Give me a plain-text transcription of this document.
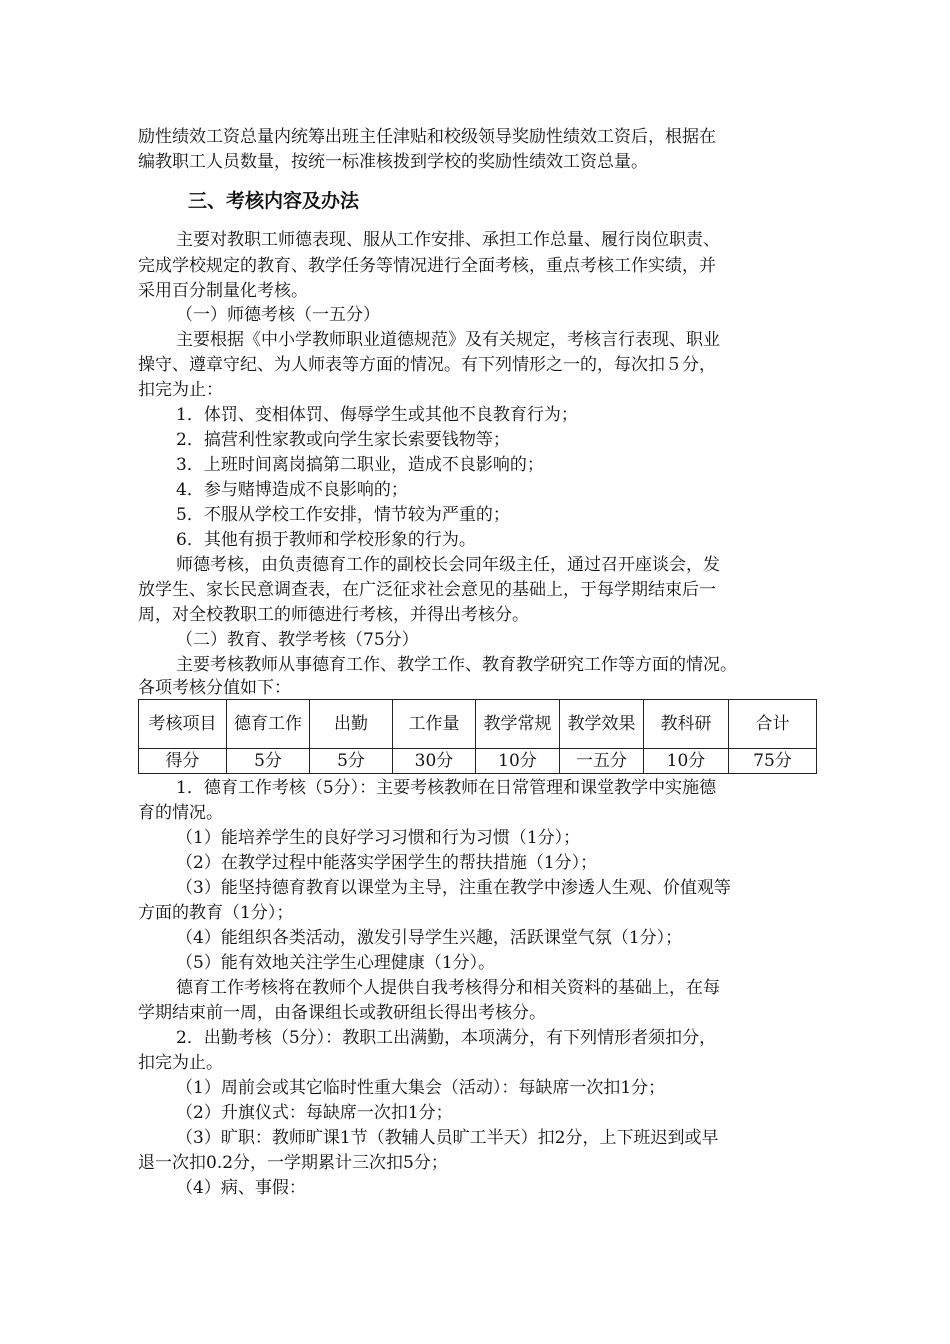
励性绩效工资总量内统筹出班主任津贴和校级领导奖励性绩效工资后，根据在
编教职工人员数量，按统一标准核拨到学校的奖励性绩效工资总量。
三、考核内容及办法
主要对教职工师德表现、服从工作安排、承担工作总量、履行岗位职责、
完成学校规定的教育、教学任务等情况进行全面考核，重点考核工作实绩，并
采用百分制量化考核。
（一）师德考核（一五分）
主要根据《中小学教师职业道德规范》及有关规定，考核言行表现、职业
操守、遵章守纪、为人师表等方面的情况。有下列情形之一的，每次扣５分，
扣完为止：
1．体罚、变相体罚、侮辱学生或其他不良教育行为；
2．搞营利性家教或向学生家长索要钱物等；
3．上班时间离岗搞第二职业，造成不良影响的；
4．参与赌博造成不良影响的；
5．不服从学校工作安排，情节较为严重的；
6．其他有损于教师和学校形象的行为。
师德考核，由负责德育工作的副校长会同年级主任，通过召开座谈会，发
放学生、家长民意调查表，在广泛征求社会意见的基础上，于每学期结束后一
周，对全校教职工的师德进行考核，并得出考核分。
（二）教育、教学考核（75分）
主要考核教师从事德育工作、教学工作、教育教学研究工作等方面的情况。
各项考核分值如下：
考核项目	德育工作	出勤	工作量	教学常规	教学效果	教科研	合计
得分	5分	5分	30分	10分	一五分	10分	75分
1．德育工作考核（5分）：主要考核教师在日常管理和课堂教学中实施德
育的情况。
（1）能培养学生的良好学习习惯和行为习惯（1分）；
（2）在教学过程中能落实学困学生的帮扶措施（1分）；
（3）能坚持德育教育以课堂为主导，注重在教学中渗透人生观、价值观等
方面的教育（1分）；
（4）能组织各类活动，激发引导学生兴趣，活跃课堂气氛（1分）；
（5）能有效地关注学生心理健康（1分）。
德育工作考核将在教师个人提供自我考核得分和相关资料的基础上，在每
学期结束前一周，由备课组长或教研组长得出考核分。
2．出勤考核（5分）：教职工出满勤，本项满分，有下列情形者须扣分，
扣完为止。
（1）周前会或其它临时性重大集会（活动）：每缺席一次扣1分；
（2）升旗仪式：每缺席一次扣1分；
（3）旷职：教师旷课1节（教辅人员旷工半天）扣2分，上下班迟到或早
退一次扣0.2分，一学期累计三次扣5分；
（4）病、事假：
